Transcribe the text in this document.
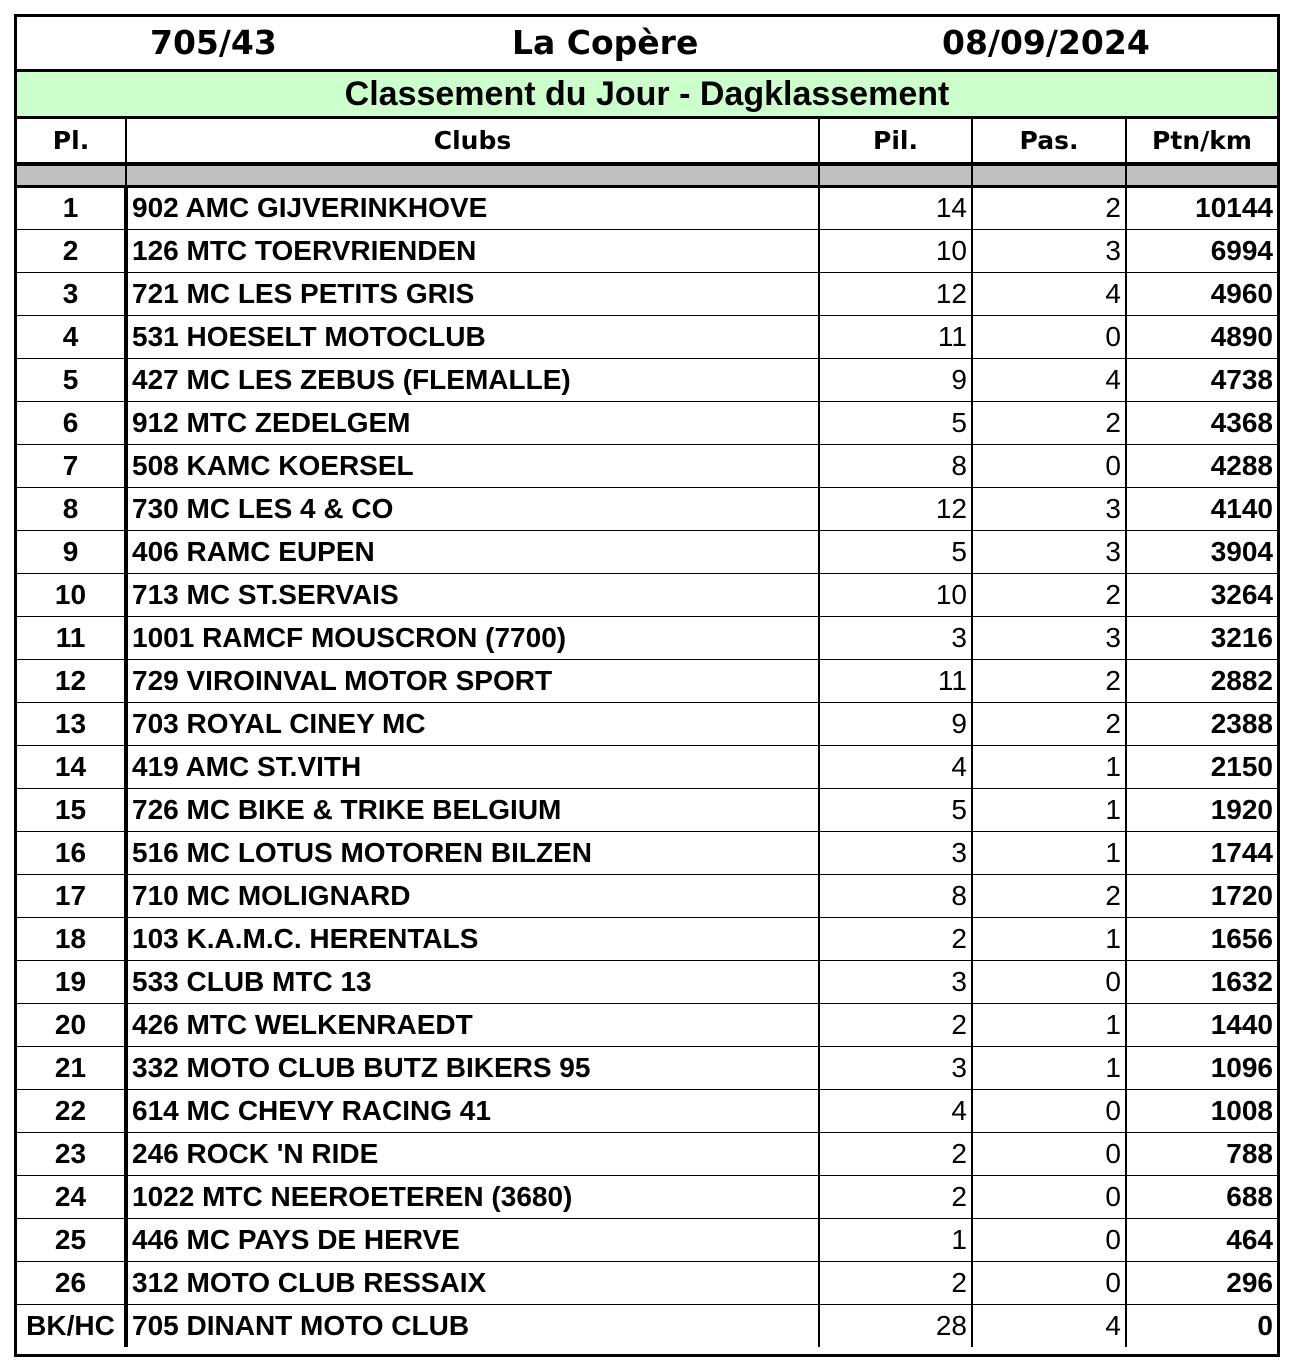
705/43	La Copère	08/09/2024
Classement du Jour - Dagklassement
Pl.	Clubs	Pil.	Pas.	Ptn/km

1	902 AMC GIJVERINKHOVE	14	2	10144
2	126 MTC TOERVRIENDEN	10	3	6994
3	721 MC LES PETITS GRIS	12	4	4960
4	531 HOESELT MOTOCLUB	11	0	4890
5	427 MC LES ZEBUS (FLEMALLE)	9	4	4738
6	912 MTC ZEDELGEM	5	2	4368
7	508 KAMC KOERSEL	8	0	4288
8	730 MC LES 4 & CO	12	3	4140
9	406 RAMC EUPEN	5	3	3904
10	713 MC ST.SERVAIS	10	2	3264
11	1001 RAMCF MOUSCRON (7700)	3	3	3216
12	729 VIROINVAL MOTOR SPORT	11	2	2882
13	703 ROYAL CINEY MC	9	2	2388
14	419 AMC ST.VITH	4	1	2150
15	726 MC BIKE & TRIKE BELGIUM	5	1	1920
16	516 MC LOTUS MOTOREN BILZEN	3	1	1744
17	710 MC MOLIGNARD	8	2	1720
18	103 K.A.M.C. HERENTALS	2	1	1656
19	533 CLUB MTC 13	3	0	1632
20	426 MTC WELKENRAEDT	2	1	1440
21	332 MOTO CLUB BUTZ BIKERS 95	3	1	1096
22	614 MC CHEVY RACING 41	4	0	1008
23	246 ROCK 'N RIDE	2	0	788
24	1022 MTC NEEROETEREN (3680)	2	0	688
25	446 MC PAYS DE HERVE	1	0	464
26	312 MOTO CLUB RESSAIX	2	0	296
BK/HC	705 DINANT MOTO CLUB	28	4	0
